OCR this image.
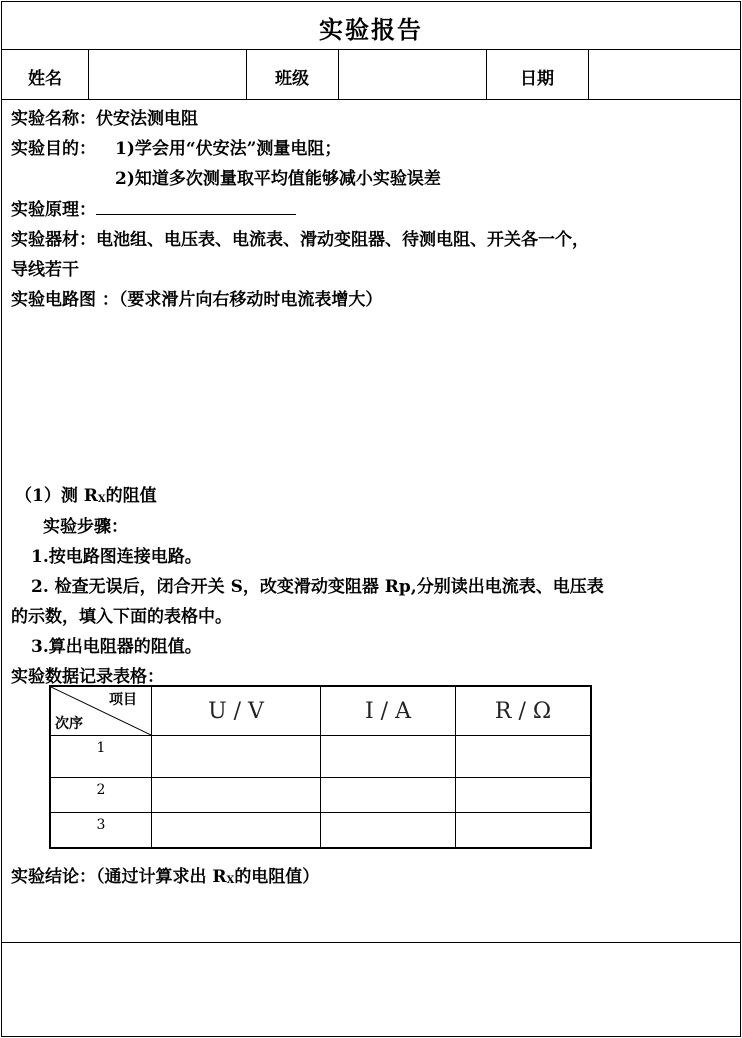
实验报告
姓名	班级	日期
实验名称：伏安法测电阻
实验目的： 1)学会用“伏安法”测量电阻；
2)知道多次测量取平均值能够减小实验误差
实验原理：
实验器材：电池组、电压表、电流表、滑动变阻器、待测电阻、开关各一个，
导线若干
实验电路图 ：（要求滑片向右移动时电流表增大）
（1）测 $R_X$的阻值
实验步骤：
1.按电路图连接电路。
2. 检查无误后，闭合开关 S，改变滑动变阻器 Rp,分别读出电流表、电压表
的示数，填入下面的表格中。
3.算出电阻器的阻值。
实验数据记录表格：
实验结论：（通过计算求出 $R_X$的电阻值）
项目
次序	U / V	I / A	R / Ω
1			
2			
3			
